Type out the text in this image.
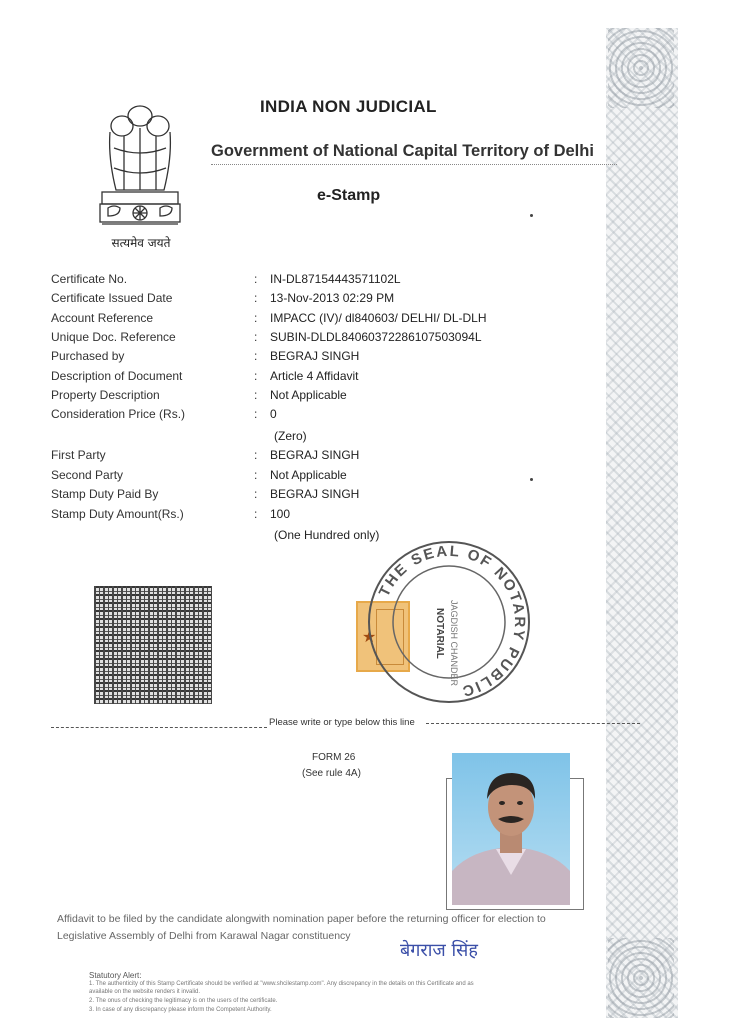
सत्यमेव जयते
INDIA NON JUDICIAL
Government of National Capital Territory of Delhi
e-Stamp
Certificate No.	: IN-DL87154443571102L
Certificate Issued Date	: 13-Nov-2013 02:29 PM
Account Reference	: IMPACC (IV)/ dl840603/ DELHI/ DL-DLH
Unique Doc. Reference	: SUBIN-DLDL84060372286107503094L
Purchased by	: BEGRAJ SINGH
Description of Document	: Article 4 Affidavit
Property Description	: Not Applicable
Consideration Price (Rs.)	: 0
(Zero)
First Party	: BEGRAJ SINGH
Second Party	: Not Applicable
Stamp Duty Paid By	: BEGRAJ SINGH
Stamp Duty Amount(Rs.)	: 100
(One Hundred only)
★
THE SEAL OF NOTARY PUBLIC
JAGDISH CHANDER
NOTARIAL
Please write or type below this line
FORM 26
(See rule 4A)
Affidavit to be filed by the candidate alongwith nomination paper before the returning officer for election to
Legislative Assembly of Delhi from Karawal Nagar constituency
बेगराज सिंह
Statutory Alert:
1. The authenticity of this Stamp Certificate should be verified at "www.shcilestamp.com". Any discrepancy in the details on this Certificate and as
available on the website renders it invalid.
2. The onus of checking the legitimacy is on the users of the certificate.
3. In case of any discrepancy please inform the Competent Authority.
